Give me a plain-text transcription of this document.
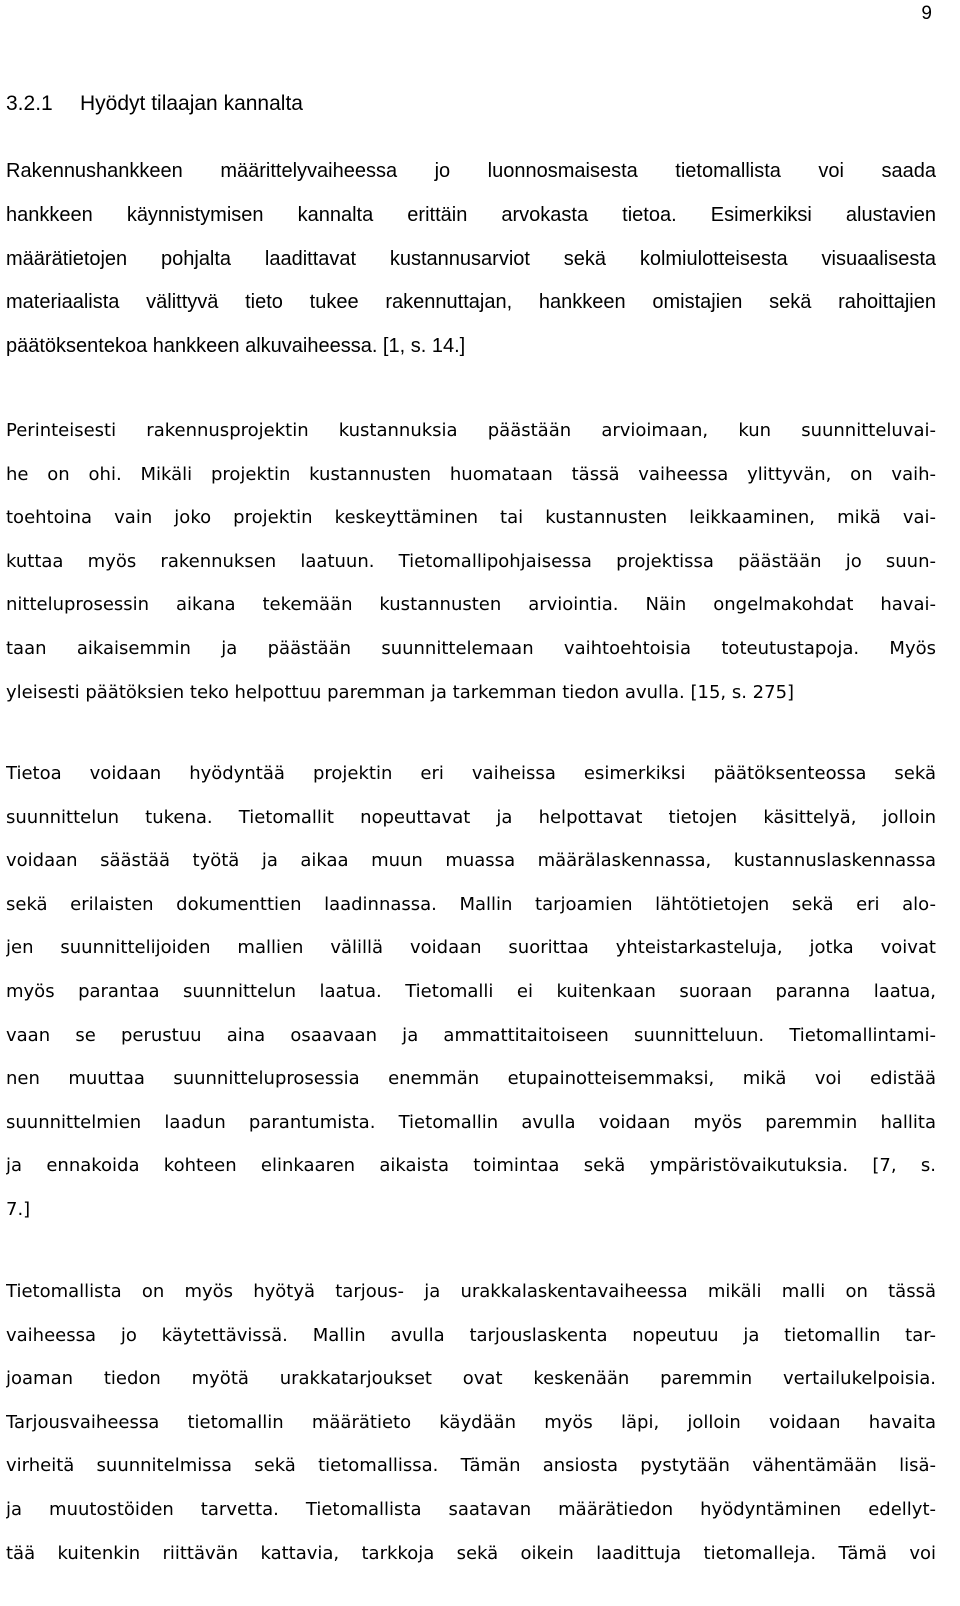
9
3.2.1 Hyödyt tilaajan kannalta
Rakennushankkeen määrittelyvaiheessa jo luonnosmaisesta tietomallista voi saada
hankkeen käynnistymisen kannalta erittäin arvokasta tietoa. Esimerkiksi alustavien
määrätietojen pohjalta laadittavat kustannusarviot sekä kolmiulotteisesta visuaalisesta
materiaalista välittyvä tieto tukee rakennuttajan, hankkeen omistajien sekä rahoittajien
päätöksentekoa hankkeen alkuvaiheessa. [1, s. 14.]
Perinteisesti rakennusprojektin kustannuksia päästään arvioimaan, kun suunnitteluvai-
he on ohi. Mikäli projektin kustannusten huomataan tässä vaiheessa ylittyvän, on vaih-
toehtoina vain joko projektin keskeyttäminen tai kustannusten leikkaaminen, mikä vai-
kuttaa myös rakennuksen laatuun. Tietomallipohjaisessa projektissa päästään jo suun-
nitteluprosessin aikana tekemään kustannusten arviointia. Näin ongelmakohdat havai-
taan aikaisemmin ja päästään suunnittelemaan vaihtoehtoisia toteutustapoja. Myös
yleisesti päätöksien teko helpottuu paremman ja tarkemman tiedon avulla. [15, s. 275]
Tietoa voidaan hyödyntää projektin eri vaiheissa esimerkiksi päätöksenteossa sekä
suunnittelun tukena. Tietomallit nopeuttavat ja helpottavat tietojen käsittelyä, jolloin
voidaan säästää työtä ja aikaa muun muassa määrälaskennassa, kustannuslaskennassa
sekä erilaisten dokumenttien laadinnassa. Mallin tarjoamien lähtötietojen sekä eri alo-
jen suunnittelijoiden mallien välillä voidaan suorittaa yhteistarkasteluja, jotka voivat
myös parantaa suunnittelun laatua. Tietomalli ei kuitenkaan suoraan paranna laatua,
vaan se perustuu aina osaavaan ja ammattitaitoiseen suunnitteluun. Tietomallintami-
nen muuttaa suunnitteluprosessia enemmän etupainotteisemmaksi, mikä voi edistää
suunnittelmien laadun parantumista. Tietomallin avulla voidaan myös paremmin hallita
ja ennakoida kohteen elinkaaren aikaista toimintaa sekä ympäristövaikutuksia. [7, s.
7.]
Tietomallista on myös hyötyä tarjous- ja urakkalaskentavaiheessa mikäli malli on tässä
vaiheessa jo käytettävissä. Mallin avulla tarjouslaskenta nopeutuu ja tietomallin tar-
joaman tiedon myötä urakkatarjoukset ovat keskenään paremmin vertailukelpoisia.
Tarjousvaiheessa tietomallin määrätieto käydään myös läpi, jolloin voidaan havaita
virheitä suunnitelmissa sekä tietomallissa. Tämän ansiosta pystytään vähentämään lisä-
ja muutostöiden tarvetta. Tietomallista saatavan määrätiedon hyödyntäminen edellyt-
tää kuitenkin riittävän kattavia, tarkkoja sekä oikein laadittuja tietomalleja. Tämä voi
